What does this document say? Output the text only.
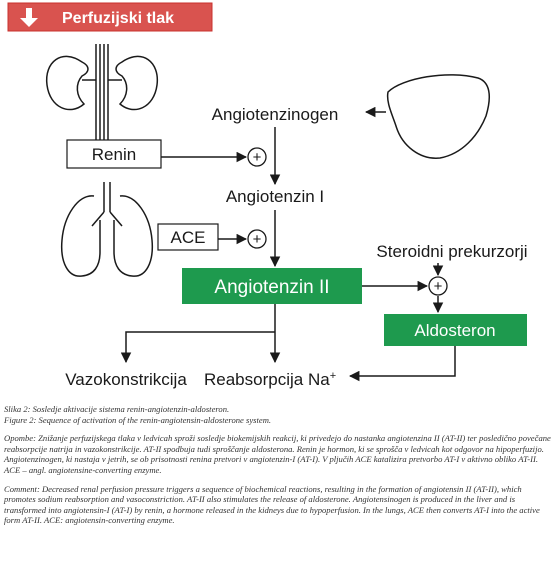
Perfuzijski tlak
Renin
ACE
Angiotenzinogen
Angiotenzin I
Steroidni prekurzorji
Angiotenzin II
Aldosteron
+
+
+
Vazokonstrikcija Reabsorpcija Na+

Slika 2: Sosledje aktivacije sistema renin-angiotenzin-aldosteron.

Figure 2: Sequence of activation of the renin-angiotensin-aldosterone system.

Opombe: Znižanje perfuzijskega tlaka v ledvicah sproži sosledje biokemijskih reakcij, ki privedejo do nastanka angiotenzina II (AT-II) ter posledično povečane reabsorpcije natrija in vazokonstrikcije. AT-II spodbuja tudi sproščanje aldosterona. Renin je hormon, ki se sprošča v ledvicah kot odgovor na hipoperfuzijo. Angiotenzinogen, ki nastaja v jetrih, se ob prisotnosti renina pretvori v angiotenzin-I (AT-I). V pljučih ACE katalizira pretvorbo AT-I v aktivno obliko AT-II. ACE – angl. angiotensine-converting enzyme.

Comment: Decreased renal perfusion pressure triggers a sequence of biochemical reactions, resulting in the formation of angiotensin II (AT-II), which promotes sodium reabsorption and vasoconstriction. AT-II also stimulates the release of aldosterone. Angiotensinogen is produced in the liver and is transformed into angiotensin-I (AT-I) by renin, a hormone released in the kidneys due to hypoperfusion. In the lungs, ACE then converts AT-I into the active form AT-II. ACE: angiotensin-converting enzyme.
